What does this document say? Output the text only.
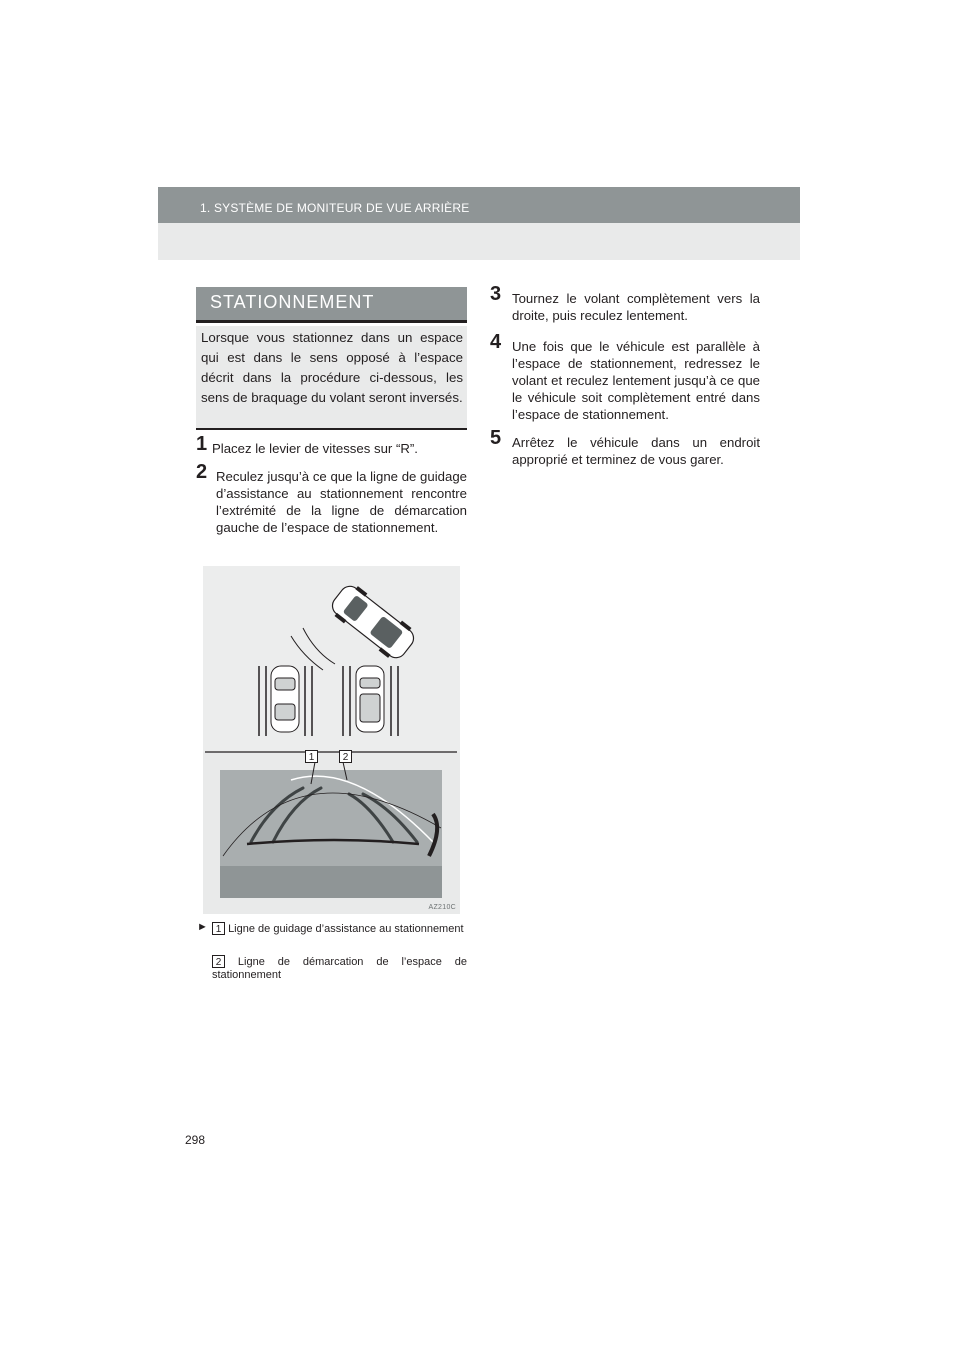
1. SYSTÈME DE MONITEUR DE VUE ARRIÈRE
STATIONNEMENT
Lorsque vous stationnez dans un espace qui est dans le sens opposé à l’espace décrit dans la procédure ci-dessous, les sens de braquage du volant seront inversés.
1 Placez le levier de vitesses sur “R”.
2 Reculez jusqu’à ce que la ligne de guidage d’assistance au stationnement rencontre l’extrémité de la ligne de démarcation gauche de l’espace de stationnement.
1	2
AZ210C
► 1 Ligne de guidage d’assistance au stationnement
2 Ligne de démarcation de l’espace de stationnement
3 Tournez le volant complètement vers la droite, puis reculez lentement.
4 Une fois que le véhicule est parallèle à l’espace de stationnement, redressez le volant et reculez lentement jusqu’à ce que le véhicule soit complètement entré dans l’espace de stationnement.
5 Arrêtez le véhicule dans un endroit approprié et terminez de vous garer.
298
